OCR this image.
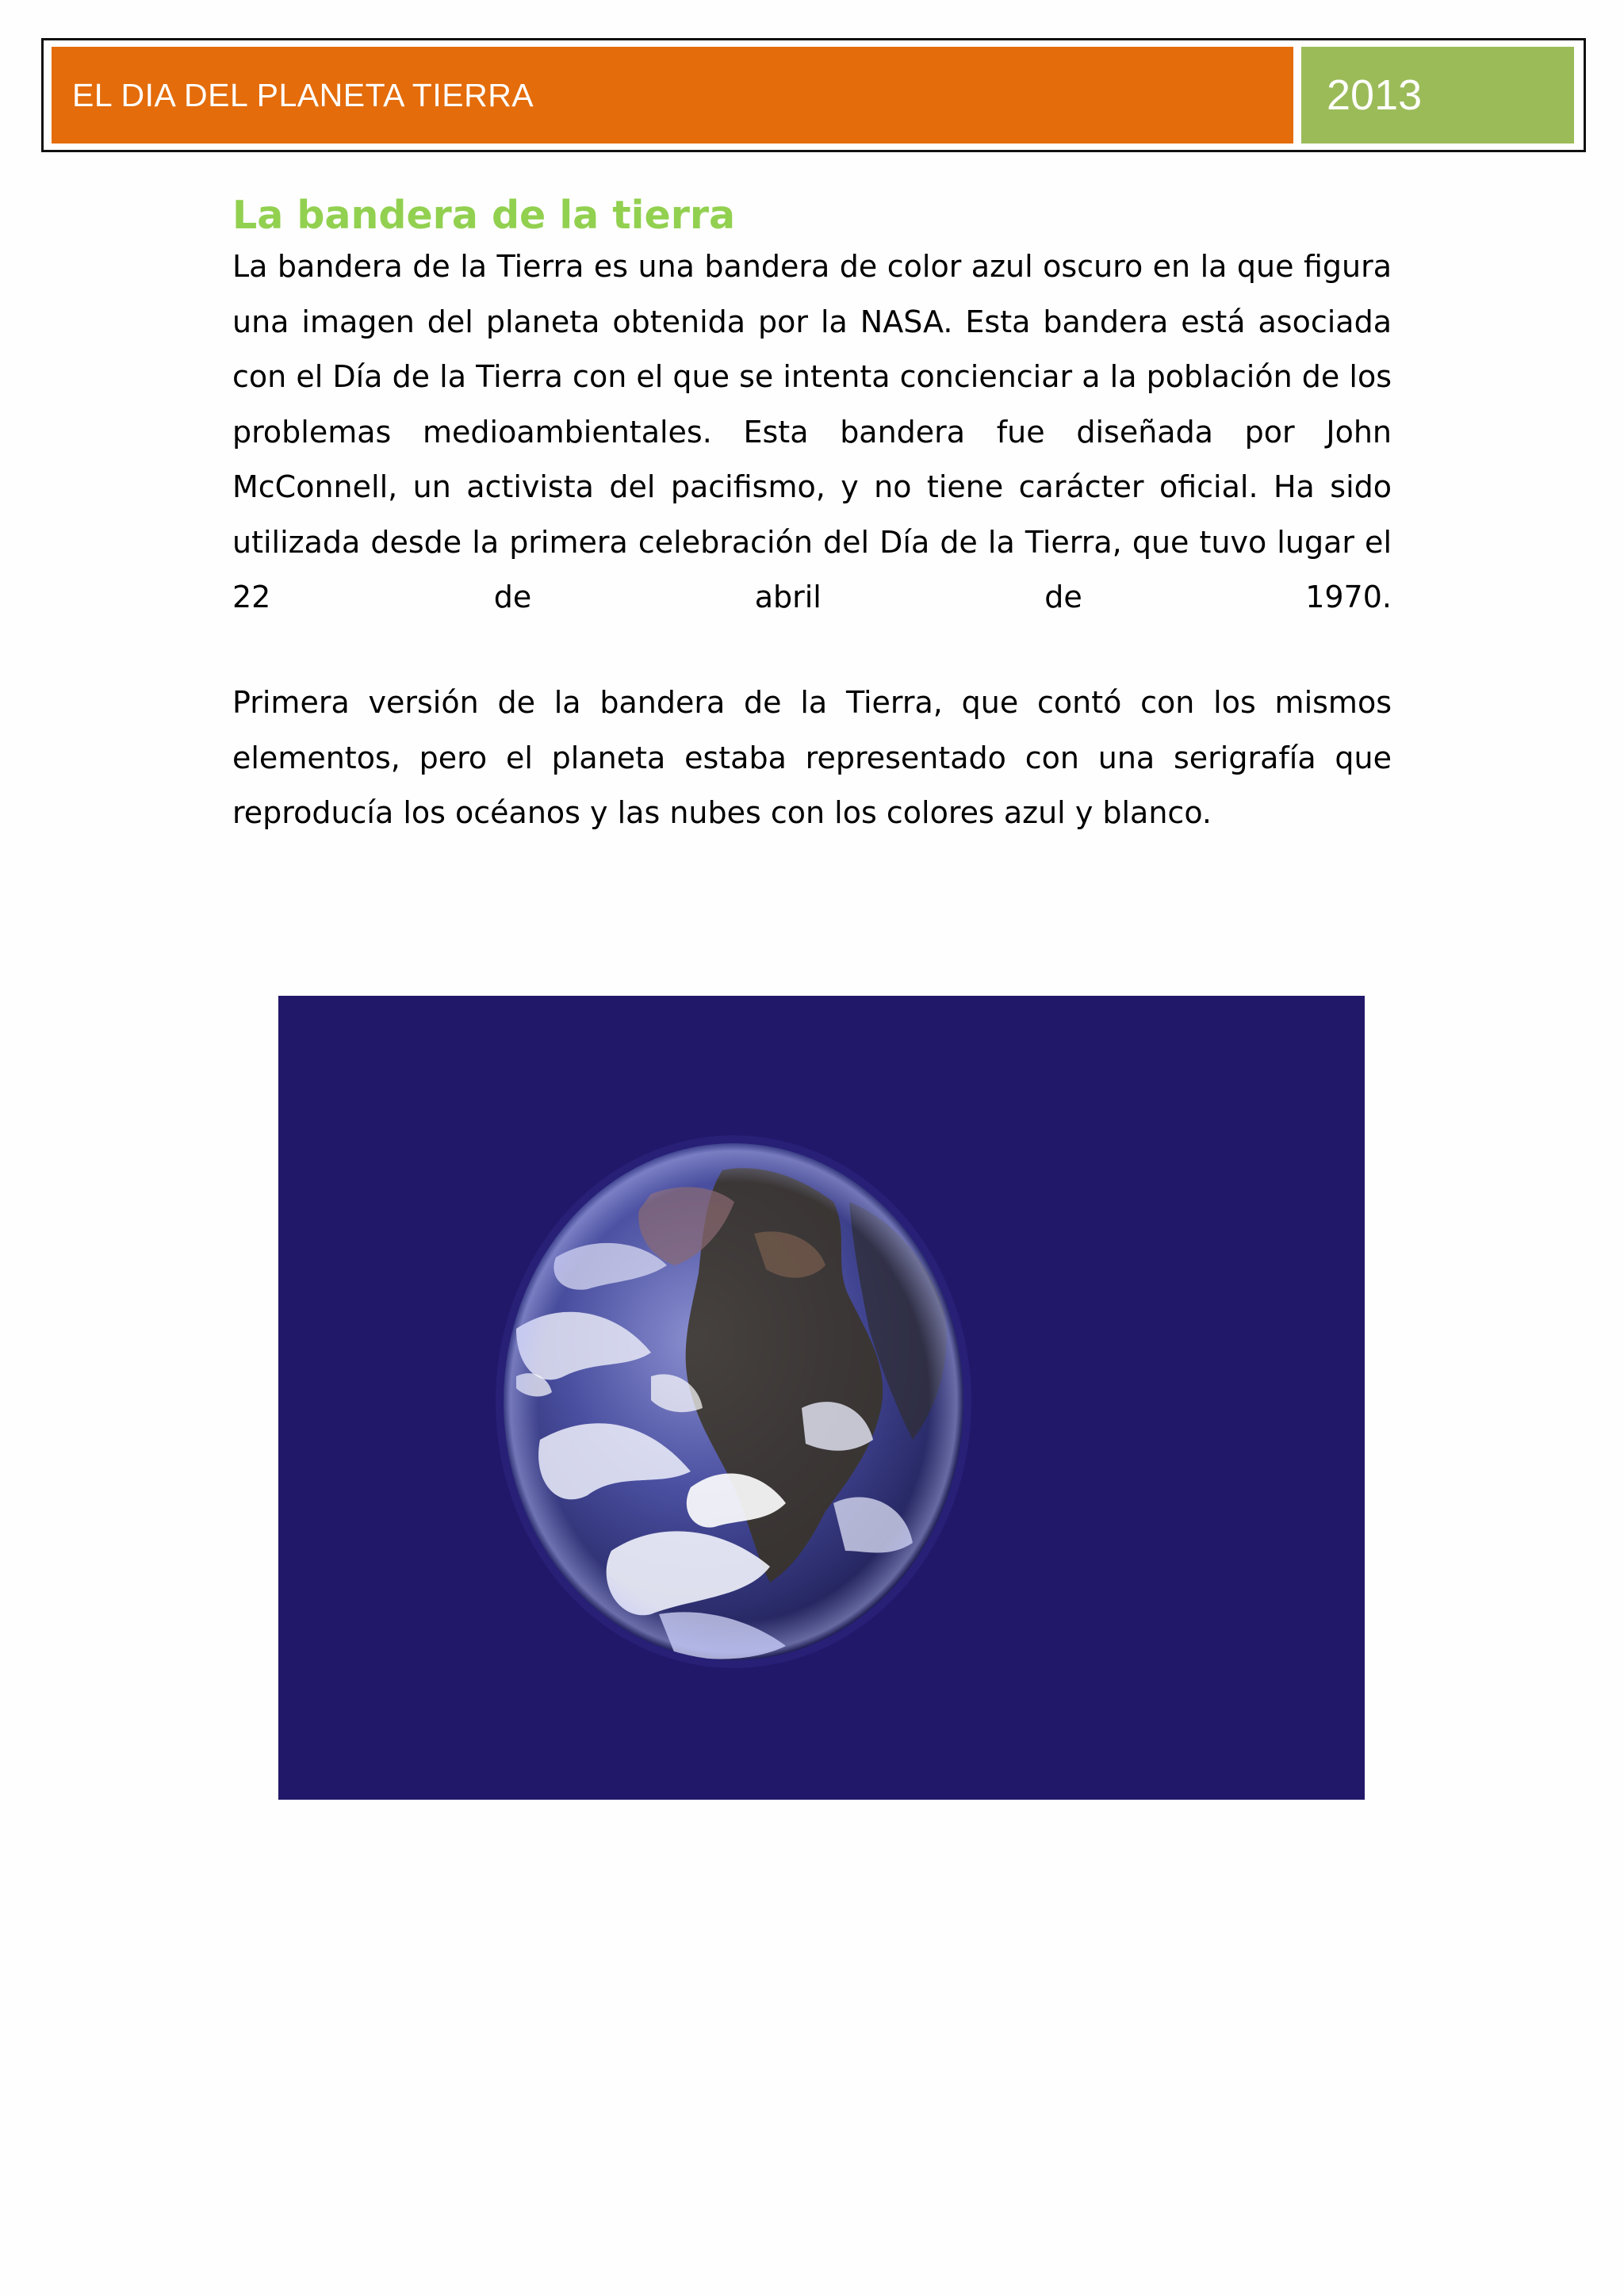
EL DIA DEL PLANETA TIERRA	2013
La bandera de la tierra

La bandera de la Tierra es una bandera de color azul oscuro en la que figura una imagen del planeta obtenida por la NASA. Esta bandera está asociada con el Día de la Tierra con el que se intenta concienciar a la población de los problemas medioambientales. Esta bandera fue diseñada por John McConnell, un activista del pacifismo, y no tiene carácter oficial. Ha sido utilizada desde la primera celebración del Día de la Tierra, que tuvo lugar el 22 de abril de 1970.

Primera versión de la bandera de la Tierra, que contó con los mismos elementos, pero el planeta estaba representado con una serigrafía que reproducía los océanos y las nubes con los colores azul y blanco.
